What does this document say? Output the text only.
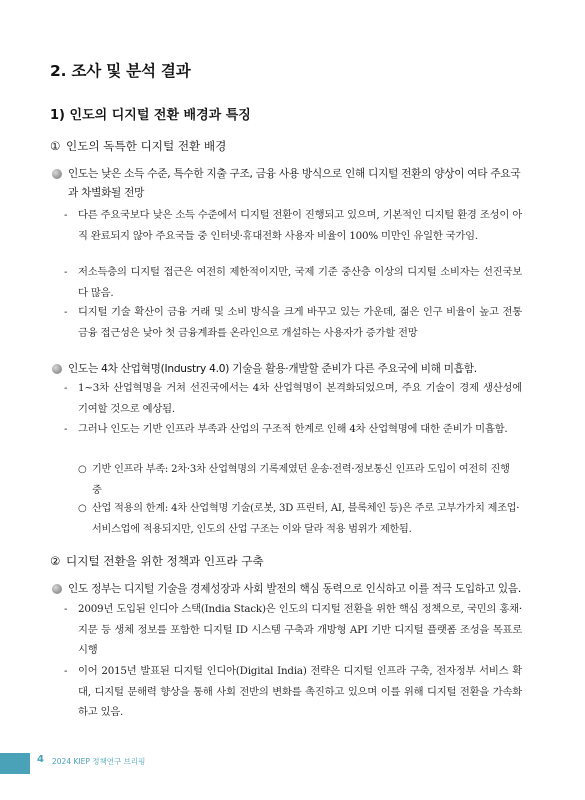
2. 조사 및 분석 결과
1) 인도의 디지털 전환 배경과 특징
① 인도의 독특한 디지털 전환 배경
인도는 낮은 소득 수준, 특수한 지출 구조, 금융 사용 방식으로 인해 디지털 전환의 양상이 여타 주요국과 차별화될 전망
-	다른 주요국보다 낮은 소득 수준에서 디지털 전환이 진행되고 있으며, 기본적인 디지털 환경 조성이 아직 완료되지 않아 주요국들 중 인터넷·휴대전화 사용자 비율이 100% 미만인 유일한 국가임.
-	저소득층의 디지털 접근은 여전히 제한적이지만, 국제 기준 중산층 이상의 디지털 소비자는 선진국보다 많음.
-	디지털 기술 확산이 금융 거래 및 소비 방식을 크게 바꾸고 있는 가운데, 젊은 인구 비율이 높고 전통 금융 접근성은 낮아 첫 금융계좌를 온라인으로 개설하는 사용자가 증가할 전망
인도는 4차 산업혁명(Industry 4.0) 기술을 활용·개발할 준비가 다른 주요국에 비해 미흡함.
-	1~3차 산업혁명을 거쳐 선진국에서는 4차 산업혁명이 본격화되었으며, 주요 기술이 경제 생산성에 기여할 것으로 예상됨.
-	그러나 인도는 기반 인프라 부족과 산업의 구조적 한계로 인해 4차 산업혁명에 대한 준비가 미흡함.
○ 기반 인프라 부족: 2차·3차 산업혁명의 기록제였던 운송·전력·정보통신 인프라 도입이 여전히 진행 중
○ 산업 적용의 한계: 4차 산업혁명 기술(로봇, 3D 프린터, AI, 블록체인 등)은 주로 고부가가치 제조업·서비스업에 적용되지만, 인도의 산업 구조는 이와 달라 적용 범위가 제한됨.
② 디지털 전환을 위한 정책과 인프라 구축
인도 정부는 디지털 기술을 경제성장과 사회 발전의 핵심 동력으로 인식하고 이를 적극 도입하고 있음.
-	2009년 도입된 인디아 스택(India Stack)은 인도의 디지털 전환을 위한 핵심 정책으로, 국민의 홍채·지문 등 생체 정보를 포함한 디지털 ID 시스템 구축과 개방형 API 기반 디지털 플랫폼 조성을 목표로 시행
-	이어 2015년 발표된 디지털 인디아(Digital India) 전략은 디지털 인프라 구축, 전자정부 서비스 확대, 디지털 문해력 향상을 통해 사회 전반의 변화를 촉진하고 있으며 이를 위해 디지털 전환을 가속화하고 있음.
4 2024 KIEP 정책연구 브리핑
